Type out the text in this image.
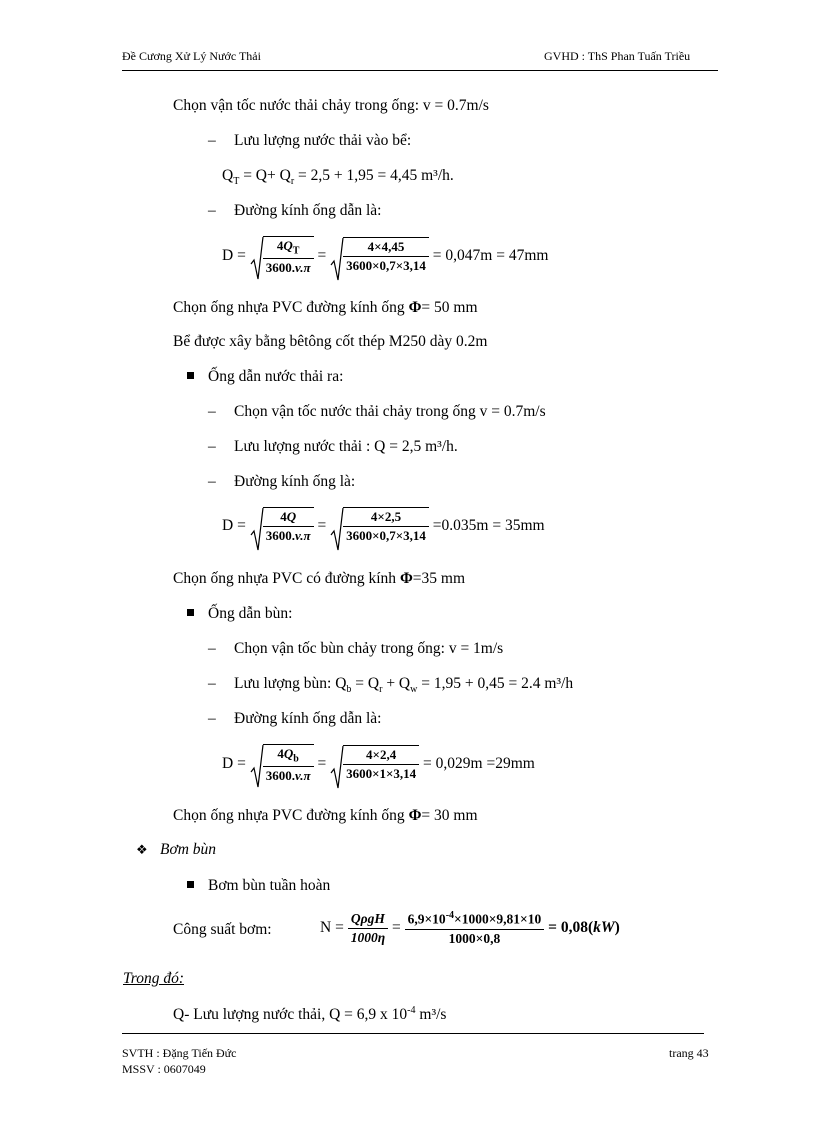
Đề Cương Xử Lý Nước Thải	GVHD : ThS Phan Tuấn Triều
Chọn vận tốc nước thải chảy trong ống: v = 0.7m/s
– Lưu lượng nước thải vào bể:
$Q_T = Q+ Q_r = 2,5 + 1,95 = 4,45$ m³/h.
– Đường kính ống dẫn là:
$D = \frac{4Q_T}{3600.v.\pi} = \frac{4\times 4,45}{3600\times 0,7\times 3,14} = 0,047m = 47mm$
Chọn ống nhựa PVC đường kính ống Φ= 50 mm
Bể được xây bằng bêtông cốt thép M250 dày 0.2m
Ống dẫn nước thải ra:
– Chọn vận tốc nước thải chảy trong ống v = 0.7m/s
– Lưu lượng nước thải : Q = 2,5 m³/h.
– Đường kính ống là:
$D = \frac{4Q}{3600.v.\pi} = \frac{4\times 2,5}{3600\times 0,7\times 3,14} =0.035m = 35mm$
Chọn ống nhựa PVC có đường kính Φ=35 mm
Ống dẫn bùn:
– Chọn vận tốc bùn chảy trong ống: v = 1m/s
– Lưu lượng bùn: $Q_b = Q_r + Q_w = 1,95 + 0,45 = 2.4$ m³/h
– Đường kính ống dẫn là:
$D = \frac{4Q_b}{3600.v.\pi} = \frac{4\times 2,4}{3600\times 1\times 3,14} = 0,029m =29mm$
Chọn ống nhựa PVC đường kính ống Φ= 30 mm
❖ Bơm bùn
Bơm bùn tuần hoàn
Công suất bơm:	$N = \frac{\text{QρgH}}{1000\eta} = \frac{6,9\times 10^{-4}\times 1000\times 9,81\times 10}{1000\times 0,8} = 0,08(kW)$
Trong đó:
Q- Lưu lượng nước thải, Q = 6,9 x $10^{-4}$ m³/s
SVTH : Đặng Tiến Đức
MSSV : 0607049
trang 43
